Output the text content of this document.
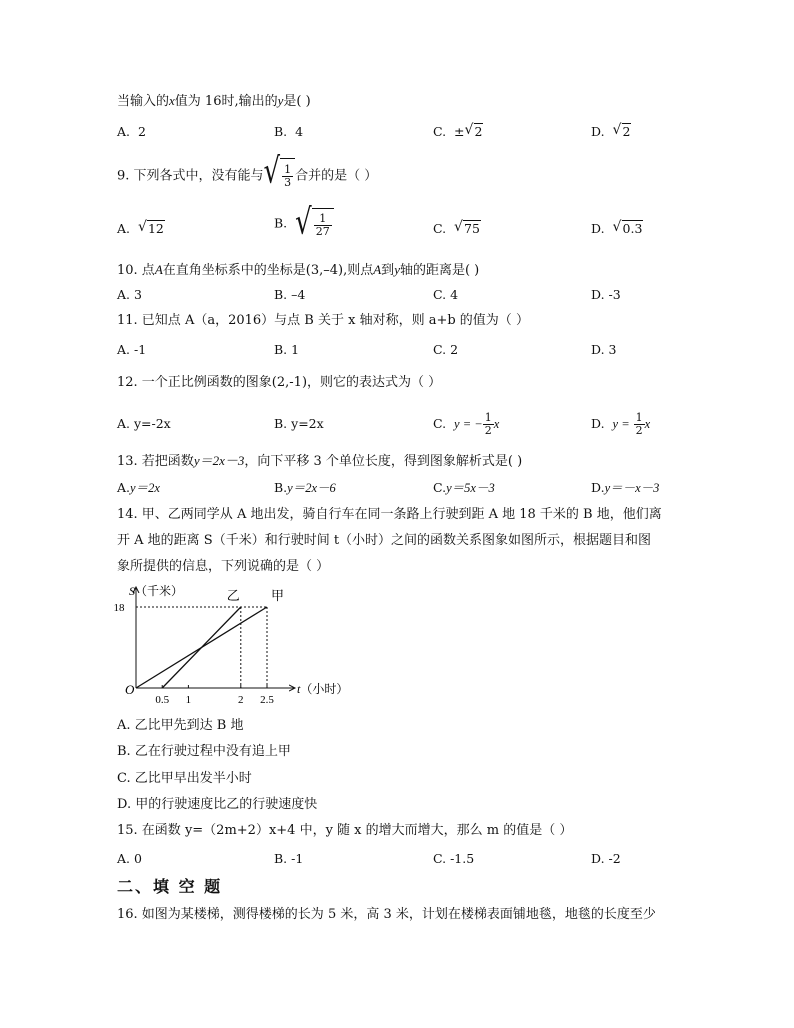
当输入的x值为 16时,输出的y是( )
A. 2	B. 4	C. ± √ 2	D. √ 2
9. 下列各式中，没有能与 √ $\frac{1}{3}$ 合并的是（ ）
A. √ 12	B. √ $\frac{1}{27}$	C. √ 75	D. √ 0.3
10. 点A在直角坐标系中的坐标是(3,–4),则点A到y轴的距离是( )
A. 3	B. –4	C. 4	D. -3
11. 已知点 A（a，2016）与点 B 关于 x 轴对称，则 a+b 的值为（ ）
A. -1	B. 1	C. 2	D. 3
12. 一个正比例函数的图象(2,-1)，则它的表达式为（ ）
A. y=-2x	B. y=2x	C. y = − $\frac{1}{2}$ x	D. $y = \frac{1}{2}$ x
13. 若把函数y＝2x－3，向下平移 3 个单位长度，得到图象解析式是( )
A.y＝2x	B.y＝2x－6	C.y＝5x－3	D.y＝－x－3
14. 甲、乙两同学从 A 地出发，骑自行车在同一条路上行驶到距 A 地 18 千米的 B 地，他们离
开 A 地的距离 S（千米）和行驶时间 t（小时）之间的函数关系图象如图所示，根据题目和图
象所提供的信息，下列说确的是（ ）
0.5 1	2 2.5
18
乙 甲
O
S（千米）
t（小时）
A. 乙比甲先到达 B 地
B. 乙在行驶过程中没有追上甲
C. 乙比甲早出发半小时
D. 甲的行驶速度比乙的行驶速度快
15. 在函数 y=（2m+2）x+4 中，y 随 x 的增大而增大，那么 m 的值是（ ）
A. 0	B. -1	C. -1.5	D. -2
二、填 空 题
16. 如图为某楼梯，测得楼梯的长为 5 米，高 3 米，计划在楼梯表面铺地毯，地毯的长度至少
